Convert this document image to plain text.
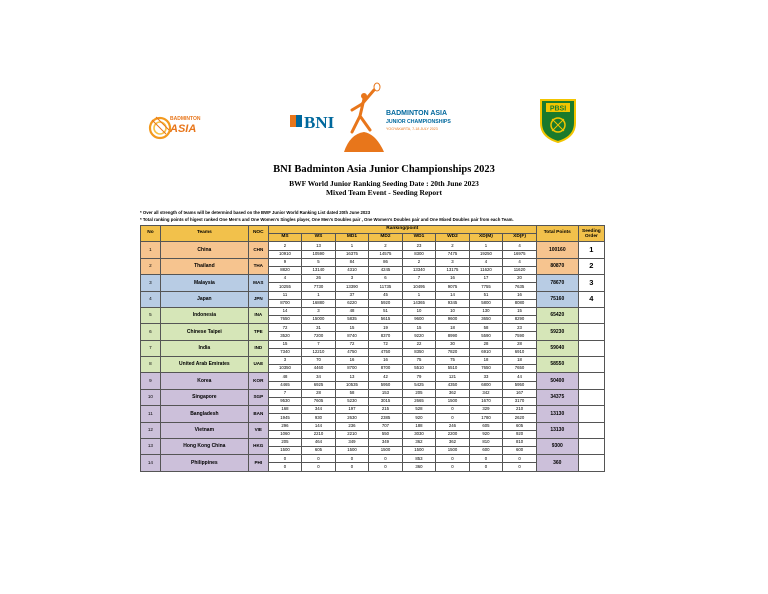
BADMINTON
ASIA	BNI	BADMINTON ASIA
JUNIOR CHAMPIONSHIPS
YOGYAKARTA, 7-18 JULY 2023
PBSI
BNI Badminton Asia Junior Championships 2023
BWF World Junior Ranking Seeding Date : 20th June 2023
Mixed Team Event - Seeding Report
* Over all strength of teams will be determind based on the BWF Junior World Ranking List dated 20th June 2023
* Total ranking points of higest ranked One Men's and One Women's Singles player, One Men's Doubles pair , One Women's Doubles pair and One Mixed Doubles pair from each Team.
No	Teams	NOC	Ranking/point								Total Points	Seeding Order
			MS	WS	MD1	MD2	WD1	WD2	XD(M)	XD(F)		
1	China	CHN	2	13	1	2	23	2	1	4	100160	1
			10910	10590	16375	14575	8300	7475	19250	16975		
2	Thailand	THA	9	5	84	86	2	3	4	4	80870	2
			8820	13140	4310	4245	13340	13175	11620	11620		
3	Malaysia	MAS	4	26	3	6	7	16	17	20	78670	3
			10255	7730	13390	11735	10495	9075	7755	7635		
4	Japan	JPN	11	1	37	45	1	14	51	16	75160	4
			8700	16880	6220	5920	14365	9345	5800	8080		
5	Indonesia	INA	14	3	48	51	10	10	130	15	65420	
			7650	15000	5835	5615	9600	9600	3650	8290		
6	Chinese Taipei	TPE	72	31	15	19	15	18	58	23	59230	
			3520	7200	8740	8370	9220	8990	5590	7590		
7	India	IND	15	7	72	72	22	30	28	28	59040	
			7340	12210	4750	4750	8350	7820	6910	6910		
8	United Arab Emirates	UAE	3	70	16	16	75	75	18	18	58550	
			10350	4460	8700	8700	5510	5510	7650	7650		
9	Korea	KOR	48	34	13	42	79	121	33	44	50400	
			4465	6925	10535	5950	5425	4350	6800	5950		
10	Singapore	SGP	7	28	58	153	205	362	342	167	34375	
			9530	7605	5230	3015	2665	1500	1670	3170		
11	Bangladesh	BAN	168	344	197	215	528	0	329	210	13130	
			1945	930	2630	2385	920	0	1780	2620		
12	Vietnam	VIE	296	144	236	707	188	246	605	605	13130	
			1060	2210	2210	550	3030	2200	920	920		
13	Hong Kong China	HKG	205	464	349	349	362	362	810	810	9300	
			1500	605	1500	1500	1500	1500	600	600		
14	Philippines	PHI	0	0	0	0	853	0	0	0	360	
			0	0	0	0	360	0	0	0		
